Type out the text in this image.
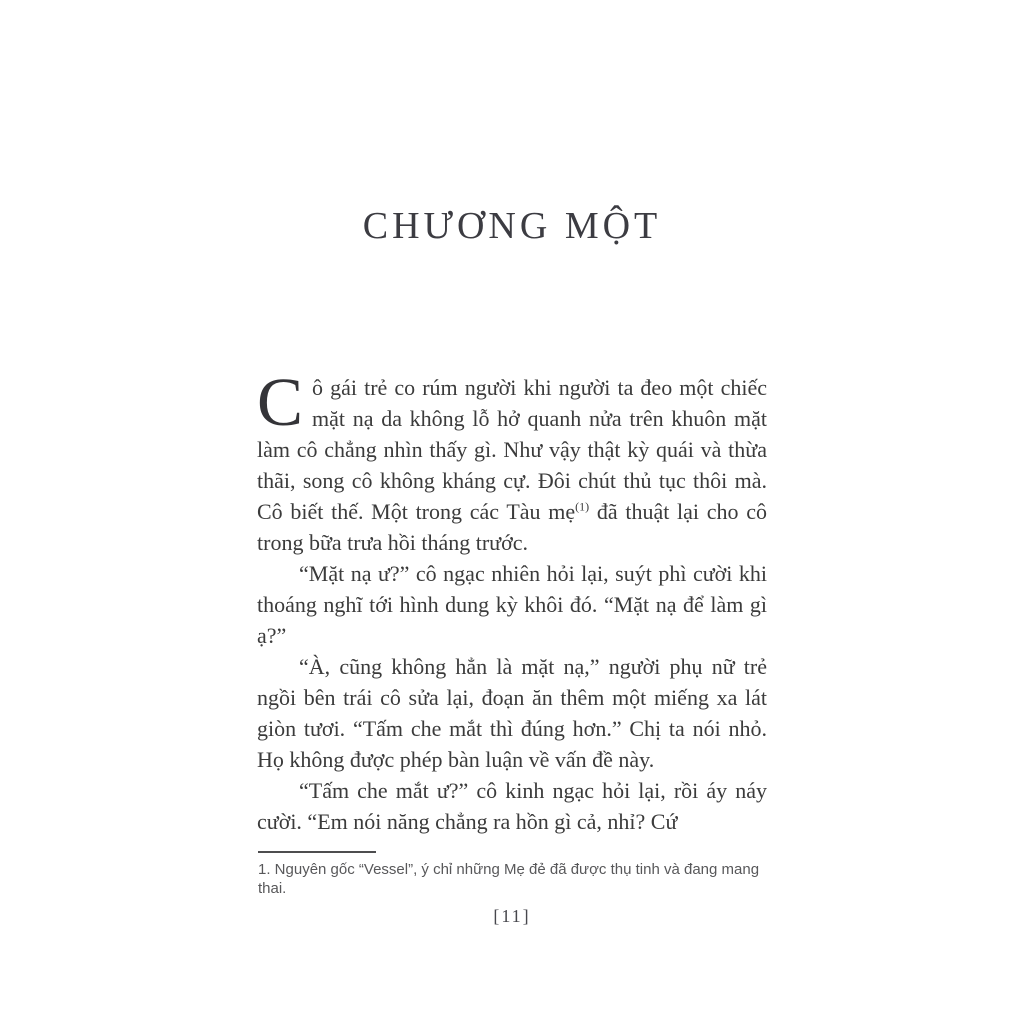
CHƯƠNG MỘT

Cô gái trẻ co rúm người khi người ta đeo một chiếc mặt nạ da không lỗ hở quanh nửa trên khuôn mặt làm cô chẳng nhìn thấy gì. Như vậy thật kỳ quái và thừa thãi, song cô không kháng cự. Đôi chút thủ tục thôi mà. Cô biết thế. Một trong các Tàu mẹ$^{(1)}$ đã thuật lại cho cô trong bữa trưa hồi tháng trước.

“Mặt nạ ư?” cô ngạc nhiên hỏi lại, suýt phì cười khi thoáng nghĩ tới hình dung kỳ khôi đó. “Mặt nạ để làm gì ạ?”

“À, cũng không hẳn là mặt nạ,” người phụ nữ trẻ ngồi bên trái cô sửa lại, đoạn ăn thêm một miếng xa lát giòn tươi. “Tấm che mắt thì đúng hơn.” Chị ta nói nhỏ. Họ không được phép bàn luận về vấn đề này.

“Tấm che mắt ư?” cô kinh ngạc hỏi lại, rồi áy náy cười. “Em nói năng chẳng ra hồn gì cả, nhỉ? Cứ

1. Nguyên gốc “Vessel”, ý chỉ những Mẹ đẻ đã được thụ tinh và đang mang thai.
[11]
